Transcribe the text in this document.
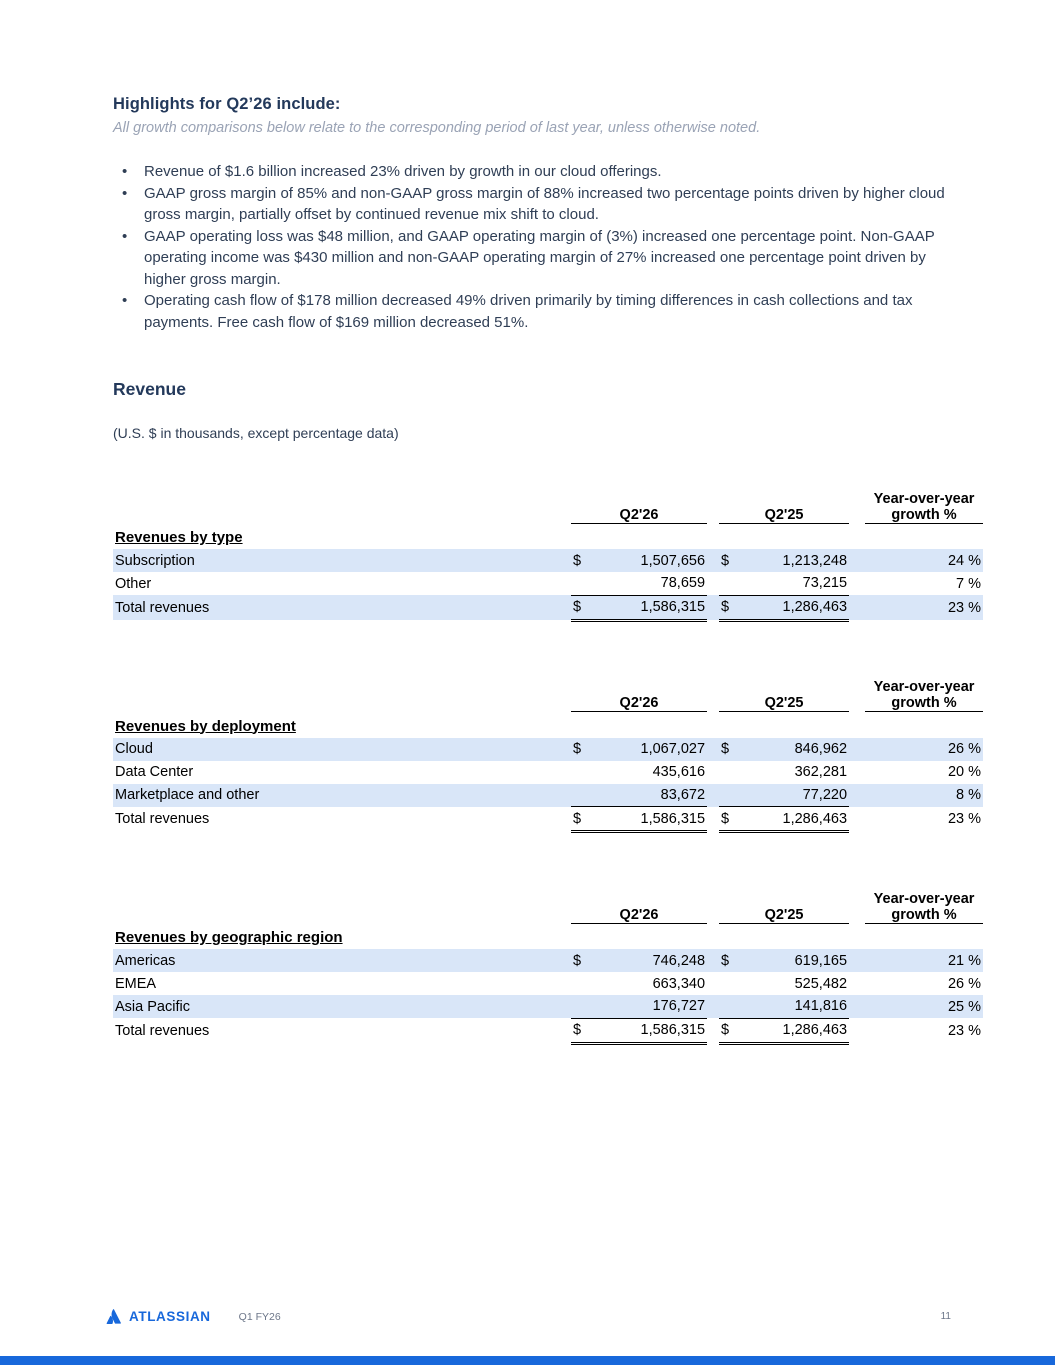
Highlights for Q2’26 include:
All growth comparisons below relate to the corresponding period of last year, unless otherwise noted.
• Revenue of $1.6 billion increased 23% driven by growth in our cloud offerings.
• GAAP gross margin of 85% and non-GAAP gross margin of 88% increased two percentage points driven by higher cloud gross margin, partially offset by continued revenue mix shift to cloud.
• GAAP operating loss was $48 million, and GAAP operating margin of (3%) increased one percentage point. Non-GAAP operating income was $430 million and non-GAAP operating margin of 27% increased one percentage point driven by higher gross margin.
• Operating cash flow of $178 million decreased 49% driven primarily by timing differences in cash collections and tax payments. Free cash flow of $169 million decreased 51%.
Revenue
(U.S. $ in thousands, except percentage data)
	Q2'26			Q2'25			Year-over-year
growth %

Revenues by type							
Subscription	$	1,507,656		$	1,213,248		24 %
Other		78,659			73,215		7 %
Total revenues	$	1,586,315		$	1,286,463		23 %
	Q2'26			Q2'25			Year-over-year
growth %

Revenues by deployment							
Cloud	$	1,067,027		$	846,962		26 %
Data Center		435,616			362,281		20 %
Marketplace and other		83,672			77,220		8 %
Total revenues	$	1,586,315		$	1,286,463		23 %
	Q2'26			Q2'25			Year-over-year
growth %

Revenues by geographic region							
Americas	$	746,248		$	619,165		21 %
EMEA		663,340			525,482		26 %
Asia Pacific		176,727			141,816		25 %
Total revenues	$	1,586,315		$	1,286,463		23 %
ATLASSIAN	Q1 FY26	11
